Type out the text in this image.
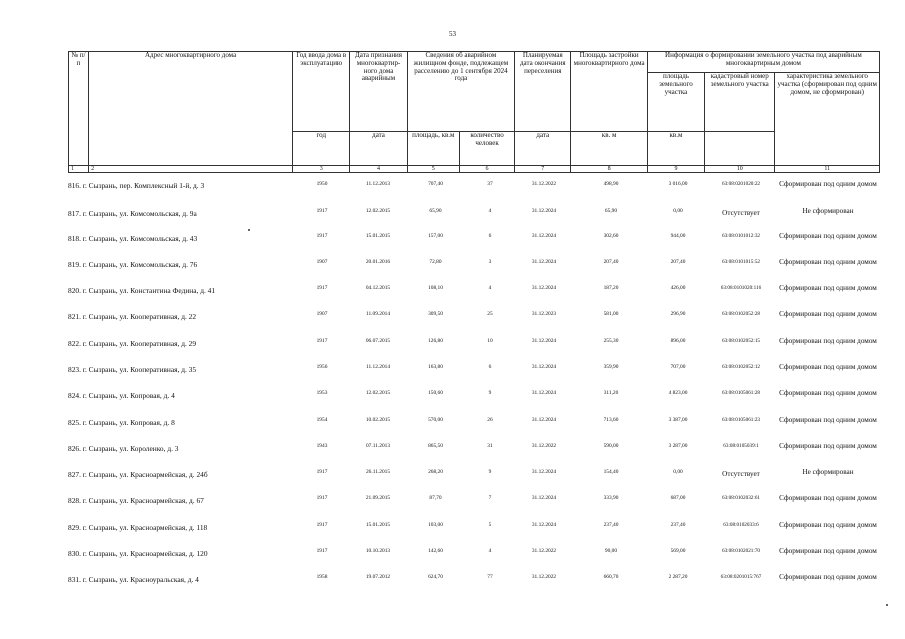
53
№ п/п	Адрес многоквартирного дома	Год ввода дома в эксплуатацию	Дата признания многоквартир-ного дома аварийным	Сведения об аварийном жилищном фонде, подлежащем расселению до 1 сентября 2024 года		Планируемая дата окончания переселения	Площадь застройки многоквартирного дома	Информация о формировании земельного участка под аварийным многоквартирным домом		
								площадь земельного участка	кадастровый номер земельного участка	характеристика земельного участка (сформирован под одним домом, не сформирован)
		год	дата	площадь, кв.м	количество человек	дата	кв. м	кв.м		
1	2	3	4	5	6	7	8	9	10	11
816. г. Сызрань, пер. Комплексный 1-й, д. 3	1950	11.12.2013	707,40	37	31.12.2022	498,90	3 016,00	63:08:0201020:22	Сформирован под одним домом
817. г. Сызрань, ул. Комсомольская, д. 9а	1917	12.02.2015	65,90	4	31.12.2024	65,90	0,00	Отсутствует	Не сформирован
818. г. Сызрань, ул. Комсомольская, д. 43	1917	15.01.2015	157,00	6	31.12.2024	302,60	944,00	63:08:0101012:32	Сформирован под одним домом
819. г. Сызрань, ул. Комсомольская, д. 76	1907	20.01.2016	72,80	3	31.12.2024	207,40	207,40	63:08:0101015:52	Сформирован под одним домом
820. г. Сызрань, ул. Константина Федина, д. 41	1917	04.12.2015	108,10	4	31.12.2024	187,20	426,00	63:08:0101020:116	Сформирован под одним домом
821. г. Сызрань, ул. Кооперативная, д. 22	1907	11.09.2014	309,50	25	31.12.2023	581,00	296,90	63:08:0102052:28	Сформирован под одним домом
822. г. Сызрань, ул. Кооперативная, д. 29	1917	06.07.2015	126,80	10	31.12.2024	255,30	896,00	63:08:0102052:15	Сформирован под одним домом
823. г. Сызрань, ул. Кооперативная, д. 35	1956	11.12.2014	163,80	6	31.12.2024	359,90	707,00	63:08:0102052:12	Сформирован под одним домом
824. г. Сызрань, ул. Копровая, д. 4	1953	12.02.2015	150,60	9	31.12.2024	311,20	4 823,00	63:08:0105061:28	Сформирован под одним домом
825. г. Сызрань, ул. Копровая, д. 8	1954	10.02.2015	570,00	26	31.12.2024	713,60	3 387,00	63:08:0105061:23	Сформирован под одним домом
826. г. Сызрань, ул. Короленко, д. 3	1943	07.11.2013	865,50	31	31.12.2022	590,00	3 287,00	63:08:0105039:1	Сформирован под одним домом
827. г. Сызрань, ул. Красноармейская, д. 24б	1917	26.11.2015	268,20	9	31.12.2024	154,40	0,00	Отсутствует	Не сформирован
828. г. Сызрань, ул. Красноармейская, д. 67	1917	21.09.2015	87,70	7	31.12.2024	333,90	687,00	63:08:0102032:61	Сформирован под одним домом
829. г. Сызрань, ул. Красноармейская, д. 118	1917	15.01.2015	103,00	5	31.12.2024	237,40	237,40	63:08:0102033:6	Сформирован под одним домом
830. г. Сызрань, ул. Красноармейская, д. 120	1917	10.10.2013	142,60	4	31.12.2022	90,00	569,00	63:08:0102021:70	Сформирован под одним домом
831. г. Сызрань, ул. Красноуральская, д. 4	1958	19.07.2012	624,70	77	31.12.2022	660,70	2 287,20	63:08:0201015:767	Сформирован под одним домом
